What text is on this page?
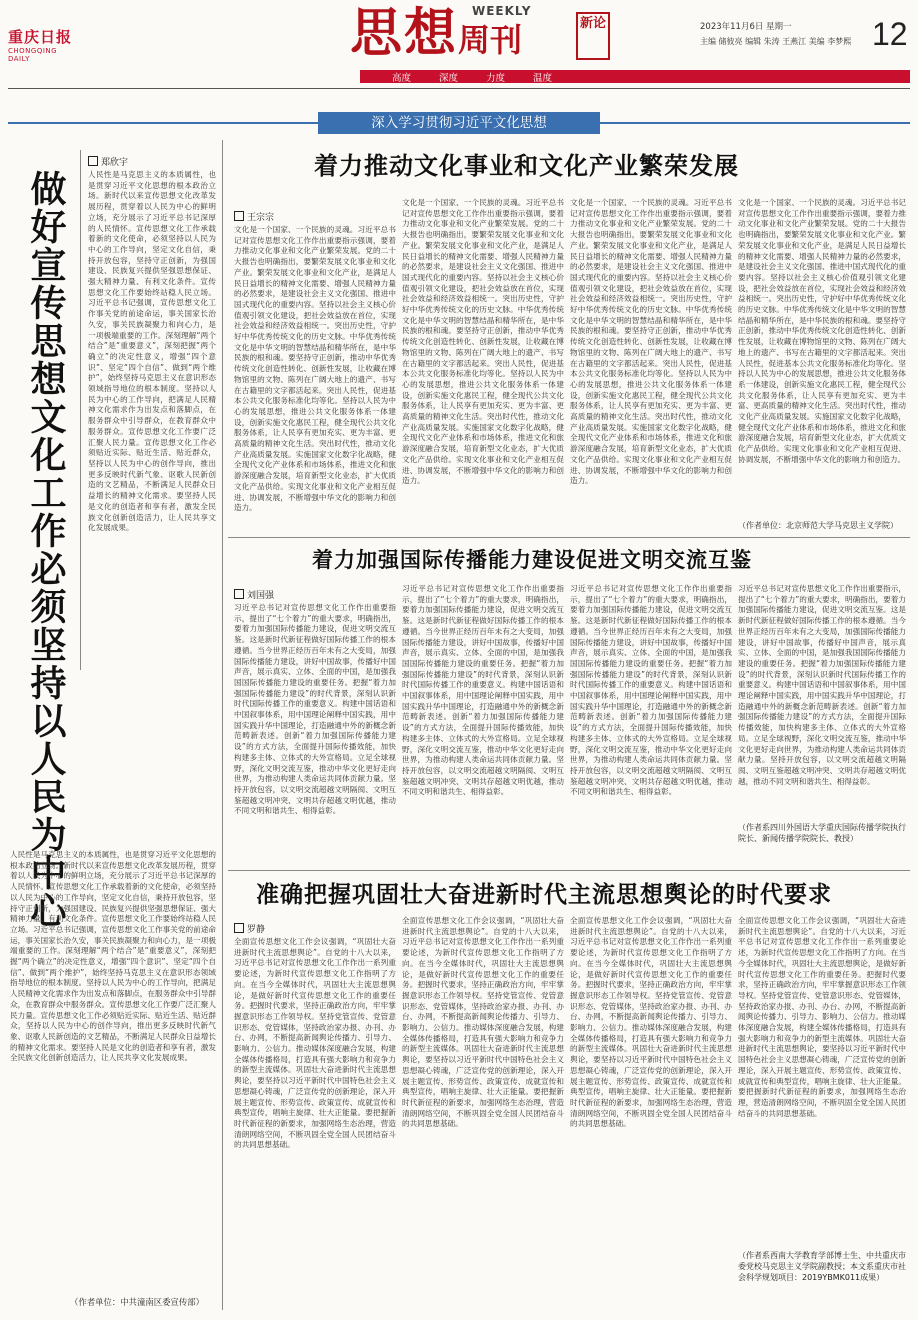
重庆日报
CHONGQING DAILY	思想周刊
WEEKLY
新论	2023年11月6日 星期一
主编 储彼亮 编辑 朱涛 王燕江 美编 李梦熙 12
高度	深度	力度	温度
深入学习贯彻习近平文化思想
做好宣传思想文化工作必须坚持以人民为中心
郑欣宇
人民性是马克思主义的本质属性，也是贯穿习近平文化思想的根本政治立场。新时代以来宣传思想文化改革发展历程，贯穿着以人民为中心的鲜明立场，充分展示了习近平总书记深厚的人民情怀。宣传思想文化工作承载着新的文化使命，必须坚持以人民为中心的工作导向，坚定文化自信，秉持开放包容，坚持守正创新，为强国建设、民族复兴提供坚强思想保证、强大精神力量、有利文化条件。宣传思想文化工作要始终站稳人民立场。习近平总书记强调，宣传思想文化工作事关党的前途命运，事关国家长治久安，事关民族凝聚力和向心力，是一项极端重要的工作。深刻理解“两个结合”是“重要意义”，深刻把握“两个确立”的决定性意义，增强“四个意识”、坚定“四个自信”、做到“两个维护”，始终坚持马克思主义在意识形态领域指导地位的根本制度。坚持以人民为中心的工作导向，把满足人民精神文化需求作为出发点和落脚点，在服务群众中引导群众，在教育群众中服务群众。宣传思想文化工作要广泛汇聚人民力量。宣传思想文化工作必须贴近实际、贴近生活、贴近群众，坚持以人民为中心的创作导向，推出更多反映时代新气象、讴歌人民新创造的文艺精品，不断满足人民群众日益增长的精神文化需求。要坚持人民是文化的创造者和享有者，激发全民族文化创新创造活力，让人民共享文化发展成果。
人民性是马克思主义的本质属性，也是贯穿习近平文化思想的根本政治立场。新时代以来宣传思想文化改革发展历程，贯穿着以人民为中心的鲜明立场，充分展示了习近平总书记深厚的人民情怀。宣传思想文化工作承载着新的文化使命，必须坚持以人民为中心的工作导向，坚定文化自信，秉持开放包容，坚持守正创新，为强国建设、民族复兴提供坚强思想保证、强大精神力量、有利文化条件。宣传思想文化工作要始终站稳人民立场。习近平总书记强调，宣传思想文化工作事关党的前途命运，事关国家长治久安，事关民族凝聚力和向心力，是一项极端重要的工作。深刻理解“两个结合”是“重要意义”，深刻把握“两个确立”的决定性意义，增强“四个意识”、坚定“四个自信”、做到“两个维护”，始终坚持马克思主义在意识形态领域指导地位的根本制度。坚持以人民为中心的工作导向，把满足人民精神文化需求作为出发点和落脚点，在服务群众中引导群众，在教育群众中服务群众。宣传思想文化工作要广泛汇聚人民力量。宣传思想文化工作必须贴近实际、贴近生活、贴近群众，坚持以人民为中心的创作导向，推出更多反映时代新气象、讴歌人民新创造的文艺精品，不断满足人民群众日益增长的精神文化需求。要坚持人民是文化的创造者和享有者，激发全民族文化创新创造活力，让人民共享文化发展成果。
（作者单位：中共潼南区委宣传部）
着力推动文化事业和文化产业繁荣发展
王宗宗
文化是一个国家、一个民族的灵魂。习近平总书记对宣传思想文化工作作出重要指示强调，要着力推动文化事业和文化产业繁荣发展。党的二十大报告也明确指出，要繁荣发展文化事业和文化产业。繁荣发展文化事业和文化产业，是满足人民日益增长的精神文化需要、增强人民精神力量的必然要求，是建设社会主义文化强国、推进中国式现代化的重要内容。坚持以社会主义核心价值观引领文化建设，把社会效益放在首位，实现社会效益和经济效益相统一。突出历史性，守护好中华优秀传统文化的历史文脉。中华优秀传统文化是中华文明的智慧结晶和精华所在，是中华民族的根和魂。要坚持守正创新，推动中华优秀传统文化创造性转化、创新性发展，让收藏在博物馆里的文物、陈列在广阔大地上的遗产、书写在古籍里的文字都活起来。突出人民性，促进基本公共文化服务标准化均等化。坚持以人民为中心的发展思想，推进公共文化服务体系一体建设，创新实施文化惠民工程，健全现代公共文化服务体系，让人民享有更加充实、更为丰富、更高质量的精神文化生活。突出时代性，推动文化产业高质量发展。实施国家文化数字化战略，健全现代文化产业体系和市场体系，推进文化和旅游深度融合发展，培育新型文化业态，扩大优质文化产品供给。实现文化事业和文化产业相互促进、协调发展，不断增强中华文化的影响力和创造力。
文化是一个国家、一个民族的灵魂。习近平总书记对宣传思想文化工作作出重要指示强调，要着力推动文化事业和文化产业繁荣发展。党的二十大报告也明确指出，要繁荣发展文化事业和文化产业。繁荣发展文化事业和文化产业，是满足人民日益增长的精神文化需要、增强人民精神力量的必然要求，是建设社会主义文化强国、推进中国式现代化的重要内容。坚持以社会主义核心价值观引领文化建设，把社会效益放在首位，实现社会效益和经济效益相统一。突出历史性，守护好中华优秀传统文化的历史文脉。中华优秀传统文化是中华文明的智慧结晶和精华所在，是中华民族的根和魂。要坚持守正创新，推动中华优秀传统文化创造性转化、创新性发展，让收藏在博物馆里的文物、陈列在广阔大地上的遗产、书写在古籍里的文字都活起来。突出人民性，促进基本公共文化服务标准化均等化。坚持以人民为中心的发展思想，推进公共文化服务体系一体建设，创新实施文化惠民工程，健全现代公共文化服务体系，让人民享有更加充实、更为丰富、更高质量的精神文化生活。突出时代性，推动文化产业高质量发展。实施国家文化数字化战略，健全现代文化产业体系和市场体系，推进文化和旅游深度融合发展，培育新型文化业态，扩大优质文化产品供给。实现文化事业和文化产业相互促进、协调发展，不断增强中华文化的影响力和创造力。
文化是一个国家、一个民族的灵魂。习近平总书记对宣传思想文化工作作出重要指示强调，要着力推动文化事业和文化产业繁荣发展。党的二十大报告也明确指出，要繁荣发展文化事业和文化产业。繁荣发展文化事业和文化产业，是满足人民日益增长的精神文化需要、增强人民精神力量的必然要求，是建设社会主义文化强国、推进中国式现代化的重要内容。坚持以社会主义核心价值观引领文化建设，把社会效益放在首位，实现社会效益和经济效益相统一。突出历史性，守护好中华优秀传统文化的历史文脉。中华优秀传统文化是中华文明的智慧结晶和精华所在，是中华民族的根和魂。要坚持守正创新，推动中华优秀传统文化创造性转化、创新性发展，让收藏在博物馆里的文物、陈列在广阔大地上的遗产、书写在古籍里的文字都活起来。突出人民性，促进基本公共文化服务标准化均等化。坚持以人民为中心的发展思想，推进公共文化服务体系一体建设，创新实施文化惠民工程，健全现代公共文化服务体系，让人民享有更加充实、更为丰富、更高质量的精神文化生活。突出时代性，推动文化产业高质量发展。实施国家文化数字化战略，健全现代文化产业体系和市场体系，推进文化和旅游深度融合发展，培育新型文化业态，扩大优质文化产品供给。实现文化事业和文化产业相互促进、协调发展，不断增强中华文化的影响力和创造力。
文化是一个国家、一个民族的灵魂。习近平总书记对宣传思想文化工作作出重要指示强调，要着力推动文化事业和文化产业繁荣发展。党的二十大报告也明确指出，要繁荣发展文化事业和文化产业。繁荣发展文化事业和文化产业，是满足人民日益增长的精神文化需要、增强人民精神力量的必然要求，是建设社会主义文化强国、推进中国式现代化的重要内容。坚持以社会主义核心价值观引领文化建设，把社会效益放在首位，实现社会效益和经济效益相统一。突出历史性，守护好中华优秀传统文化的历史文脉。中华优秀传统文化是中华文明的智慧结晶和精华所在，是中华民族的根和魂。要坚持守正创新，推动中华优秀传统文化创造性转化、创新性发展，让收藏在博物馆里的文物、陈列在广阔大地上的遗产、书写在古籍里的文字都活起来。突出人民性，促进基本公共文化服务标准化均等化。坚持以人民为中心的发展思想，推进公共文化服务体系一体建设，创新实施文化惠民工程，健全现代公共文化服务体系，让人民享有更加充实、更为丰富、更高质量的精神文化生活。突出时代性，推动文化产业高质量发展。实施国家文化数字化战略，健全现代文化产业体系和市场体系，推进文化和旅游深度融合发展，培育新型文化业态，扩大优质文化产品供给。实现文化事业和文化产业相互促进、协调发展，不断增强中华文化的影响力和创造力。
（作者单位：北京师范大学马克思主义学院）
着力加强国际传播能力建设促进文明交流互鉴
刘国强
习近平总书记对宣传思想文化工作作出重要指示，提出了“七个着力”的重大要求，明确指出，要着力加强国际传播能力建设，促进文明交流互鉴。这是新时代新征程做好国际传播工作的根本遵循。当今世界正经历百年未有之大变局，加强国际传播能力建设，讲好中国故事，传播好中国声音，展示真实、立体、全面的中国，是加强我国国际传播能力建设的重要任务。把握“着力加强国际传播能力建设”的时代背景，深刻认识新时代国际传播工作的重要意义。构建中国话语和中国叙事体系，用中国理论阐释中国实践，用中国实践升华中国理论，打造融通中外的新概念新范畴新表述。创新“着力加强国际传播能力建设”的方式方法，全面提升国际传播效能，加快构建多主体、立体式的大外宣格局。立足全球视野，深化文明交流互鉴，推动中华文化更好走向世界，为推动构建人类命运共同体贡献力量。坚持开放包容，以文明交流超越文明隔阂、文明互鉴超越文明冲突、文明共存超越文明优越，推动不同文明和谐共生、相得益彰。
习近平总书记对宣传思想文化工作作出重要指示，提出了“七个着力”的重大要求，明确指出，要着力加强国际传播能力建设，促进文明交流互鉴。这是新时代新征程做好国际传播工作的根本遵循。当今世界正经历百年未有之大变局，加强国际传播能力建设，讲好中国故事，传播好中国声音，展示真实、立体、全面的中国，是加强我国国际传播能力建设的重要任务。把握“着力加强国际传播能力建设”的时代背景，深刻认识新时代国际传播工作的重要意义。构建中国话语和中国叙事体系，用中国理论阐释中国实践，用中国实践升华中国理论，打造融通中外的新概念新范畴新表述。创新“着力加强国际传播能力建设”的方式方法，全面提升国际传播效能，加快构建多主体、立体式的大外宣格局。立足全球视野，深化文明交流互鉴，推动中华文化更好走向世界，为推动构建人类命运共同体贡献力量。坚持开放包容，以文明交流超越文明隔阂、文明互鉴超越文明冲突、文明共存超越文明优越，推动不同文明和谐共生、相得益彰。
习近平总书记对宣传思想文化工作作出重要指示，提出了“七个着力”的重大要求，明确指出，要着力加强国际传播能力建设，促进文明交流互鉴。这是新时代新征程做好国际传播工作的根本遵循。当今世界正经历百年未有之大变局，加强国际传播能力建设，讲好中国故事，传播好中国声音，展示真实、立体、全面的中国，是加强我国国际传播能力建设的重要任务。把握“着力加强国际传播能力建设”的时代背景，深刻认识新时代国际传播工作的重要意义。构建中国话语和中国叙事体系，用中国理论阐释中国实践，用中国实践升华中国理论，打造融通中外的新概念新范畴新表述。创新“着力加强国际传播能力建设”的方式方法，全面提升国际传播效能，加快构建多主体、立体式的大外宣格局。立足全球视野，深化文明交流互鉴，推动中华文化更好走向世界，为推动构建人类命运共同体贡献力量。坚持开放包容，以文明交流超越文明隔阂、文明互鉴超越文明冲突、文明共存超越文明优越，推动不同文明和谐共生、相得益彰。
习近平总书记对宣传思想文化工作作出重要指示，提出了“七个着力”的重大要求，明确指出，要着力加强国际传播能力建设，促进文明交流互鉴。这是新时代新征程做好国际传播工作的根本遵循。当今世界正经历百年未有之大变局，加强国际传播能力建设，讲好中国故事，传播好中国声音，展示真实、立体、全面的中国，是加强我国国际传播能力建设的重要任务。把握“着力加强国际传播能力建设”的时代背景，深刻认识新时代国际传播工作的重要意义。构建中国话语和中国叙事体系，用中国理论阐释中国实践，用中国实践升华中国理论，打造融通中外的新概念新范畴新表述。创新“着力加强国际传播能力建设”的方式方法，全面提升国际传播效能，加快构建多主体、立体式的大外宣格局。立足全球视野，深化文明交流互鉴，推动中华文化更好走向世界，为推动构建人类命运共同体贡献力量。坚持开放包容，以文明交流超越文明隔阂、文明互鉴超越文明冲突、文明共存超越文明优越，推动不同文明和谐共生、相得益彰。
（作者系四川外国语大学重庆国际传播学院执行院长、新闻传播学院院长、教授）
准确把握巩固壮大奋进新时代主流思想舆论的时代要求
罗静
全面宣传思想文化工作会议强调，“巩固壮大奋进新时代主流思想舆论”。自党的十八大以来，习近平总书记对宣传思想文化工作作出一系列重要论述，为新时代宣传思想文化工作指明了方向。在当今全媒体时代，巩固壮大主流思想舆论，是做好新时代宣传思想文化工作的重要任务。把握时代要求，坚持正确政治方向，牢牢掌握意识形态工作领导权。坚持党管宣传、党管意识形态、党管媒体，坚持政治家办报、办刊、办台、办网，不断提高新闻舆论传播力、引导力、影响力、公信力。推动媒体深度融合发展，构建全媒体传播格局，打造具有强大影响力和竞争力的新型主流媒体。巩固壮大奋进新时代主流思想舆论，要坚持以习近平新时代中国特色社会主义思想凝心铸魂，广泛宣传党的创新理论，深入开展主题宣传、形势宣传、政策宣传、成就宣传和典型宣传，唱响主旋律、壮大正能量。要把握新时代新征程的新要求，加强网络生态治理，营造清朗网络空间，不断巩固全党全国人民团结奋斗的共同思想基础。
全面宣传思想文化工作会议强调，“巩固壮大奋进新时代主流思想舆论”。自党的十八大以来，习近平总书记对宣传思想文化工作作出一系列重要论述，为新时代宣传思想文化工作指明了方向。在当今全媒体时代，巩固壮大主流思想舆论，是做好新时代宣传思想文化工作的重要任务。把握时代要求，坚持正确政治方向，牢牢掌握意识形态工作领导权。坚持党管宣传、党管意识形态、党管媒体，坚持政治家办报、办刊、办台、办网，不断提高新闻舆论传播力、引导力、影响力、公信力。推动媒体深度融合发展，构建全媒体传播格局，打造具有强大影响力和竞争力的新型主流媒体。巩固壮大奋进新时代主流思想舆论，要坚持以习近平新时代中国特色社会主义思想凝心铸魂，广泛宣传党的创新理论，深入开展主题宣传、形势宣传、政策宣传、成就宣传和典型宣传，唱响主旋律、壮大正能量。要把握新时代新征程的新要求，加强网络生态治理，营造清朗网络空间，不断巩固全党全国人民团结奋斗的共同思想基础。
全面宣传思想文化工作会议强调，“巩固壮大奋进新时代主流思想舆论”。自党的十八大以来，习近平总书记对宣传思想文化工作作出一系列重要论述，为新时代宣传思想文化工作指明了方向。在当今全媒体时代，巩固壮大主流思想舆论，是做好新时代宣传思想文化工作的重要任务。把握时代要求，坚持正确政治方向，牢牢掌握意识形态工作领导权。坚持党管宣传、党管意识形态、党管媒体，坚持政治家办报、办刊、办台、办网，不断提高新闻舆论传播力、引导力、影响力、公信力。推动媒体深度融合发展，构建全媒体传播格局，打造具有强大影响力和竞争力的新型主流媒体。巩固壮大奋进新时代主流思想舆论，要坚持以习近平新时代中国特色社会主义思想凝心铸魂，广泛宣传党的创新理论，深入开展主题宣传、形势宣传、政策宣传、成就宣传和典型宣传，唱响主旋律、壮大正能量。要把握新时代新征程的新要求，加强网络生态治理，营造清朗网络空间，不断巩固全党全国人民团结奋斗的共同思想基础。
全面宣传思想文化工作会议强调，“巩固壮大奋进新时代主流思想舆论”。自党的十八大以来，习近平总书记对宣传思想文化工作作出一系列重要论述，为新时代宣传思想文化工作指明了方向。在当今全媒体时代，巩固壮大主流思想舆论，是做好新时代宣传思想文化工作的重要任务。把握时代要求，坚持正确政治方向，牢牢掌握意识形态工作领导权。坚持党管宣传、党管意识形态、党管媒体，坚持政治家办报、办刊、办台、办网，不断提高新闻舆论传播力、引导力、影响力、公信力。推动媒体深度融合发展，构建全媒体传播格局，打造具有强大影响力和竞争力的新型主流媒体。巩固壮大奋进新时代主流思想舆论，要坚持以习近平新时代中国特色社会主义思想凝心铸魂，广泛宣传党的创新理论，深入开展主题宣传、形势宣传、政策宣传、成就宣传和典型宣传，唱响主旋律、壮大正能量。要把握新时代新征程的新要求，加强网络生态治理，营造清朗网络空间，不断巩固全党全国人民团结奋斗的共同思想基础。
（作者系西南大学教育学部博士生、中共重庆市委党校马克思主义学院副教授；本文系重庆市社会科学规划项目：2019YBMK011成果）
